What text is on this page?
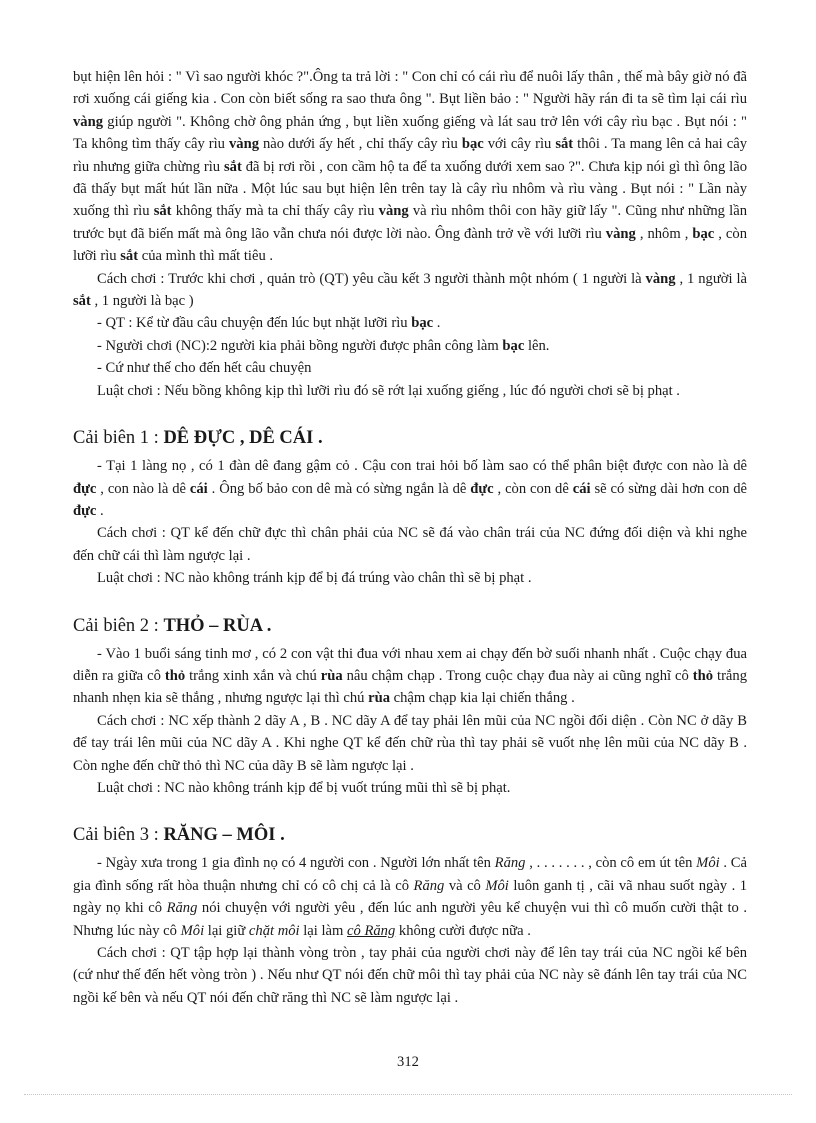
bụt hiện lên hỏi : " Vì sao người khóc ?".Ông ta trả lời : " Con chỉ có cái rìu để nuôi lấy thân , thế mà bây giờ nó đã rơi xuống cái giếng kia . Con còn biết sống ra sao thưa ông ". Bụt liền bảo : " Người hãy rán đi ta sẽ tìm lại cái rìu vàng giúp người ". Không chờ ông phản ứng , bụt liền xuống giếng và lát sau trở lên với cây rìu bạc . Bụt nói : " Ta không tìm thấy cây rìu vàng nào dưới ấy hết , chỉ thấy cây rìu bạc với cây rìu sắt thôi . Ta mang lên cả hai cây rìu nhưng giữa chừng rìu sắt đã bị rơi rồi , con cầm hộ ta để ta xuống dưới xem sao ?". Chưa kịp nói gì thì ông lão đã thấy bụt mất hút lần nữa . Một lúc sau bụt hiện lên trên tay là cây rìu nhôm và rìu vàng . Bụt nói : " Lần này xuống thì rìu sắt không thấy mà ta chỉ thấy cây rìu vàng và rìu nhôm thôi con hãy giữ lấy ". Cũng như những lần trước bụt đã biến mất mà ông lão vẫn chưa nói được lời nào. Ông đành trở về với lưỡi rìu vàng , nhôm , bạc , còn lưỡi rìu sắt của mình thì mất tiêu .

Cách chơi : Trước khi chơi , quản trò (QT) yêu cầu kết 3 người thành một nhóm ( 1 người là vàng , 1 người là sắt , 1 người là bạc )

- QT : Kể từ đầu câu chuyện đến lúc bụt nhặt lưỡi rìu bạc .

- Người chơi (NC):2 người kia phải bồng người được phân công làm bạc lên.

- Cứ như thế cho đến hết câu chuyện

Luật chơi : Nếu bồng không kịp thì lưỡi rìu đó sẽ rớt lại xuống giếng , lúc đó người chơi sẽ bị phạt .

Cải biên 1 : DÊ ĐỰC , DÊ CÁI .

- Tại 1 làng nọ , có 1 đàn dê đang gậm cỏ . Cậu con trai hỏi bố làm sao có thể phân biệt được con nào là dê đực , con nào là dê cái . Ông bố bảo con dê mà có sừng ngắn là dê đực , còn con dê cái sẽ có sừng dài hơn con dê đực .

Cách chơi : QT kể đến chữ đực thì chân phải của NC sẽ đá vào chân trái của NC đứng đối diện và khi nghe đến chữ cái thì làm ngược lại .

Luật chơi : NC nào không tránh kịp để bị đá trúng vào chân thì sẽ bị phạt .

Cải biên 2 : THỎ – RÙA .

- Vào 1 buổi sáng tinh mơ , có 2 con vật thi đua với nhau xem ai chạy đến bờ suối nhanh nhất . Cuộc chạy đua diễn ra giữa cô thỏ trắng xinh xắn và chú rùa nâu chậm chạp . Trong cuộc chạy đua này ai cũng nghĩ cô thỏ trắng nhanh nhẹn kia sẽ thắng , nhưng ngược lại thì chú rùa chậm chạp kia lại chiến thắng .

Cách chơi : NC xếp thành 2 dãy A , B . NC dãy A để tay phải lên mũi của NC ngồi đối diện . Còn NC ở dãy B để tay trái lên mũi của NC dãy A . Khi nghe QT kể đến chữ rùa thì tay phải sẽ vuốt nhẹ lên mũi của NC dãy B . Còn nghe đến chữ thỏ thì NC của dãy B sẽ làm ngược lại .

Luật chơi : NC nào không tránh kịp để bị vuốt trúng mũi thì sẽ bị phạt.

Cải biên 3 : RĂNG – MÔI .

- Ngày xưa trong 1 gia đình nọ có 4 người con . Người lớn nhất tên Răng , . . . . . . . , còn cô em út tên Môi . Cả gia đình sống rất hòa thuận nhưng chỉ có cô chị cả là cô Răng và cô Môi luôn ganh tị , cãi vã nhau suốt ngày . 1 ngày nọ khi cô Răng nói chuyện với người yêu , đến lúc anh người yêu kể chuyện vui thì cô muốn cười thật to . Nhưng lúc này cô Môi lại giữ chặt môi lại làm cô Răng không cười được nữa .

Cách chơi : QT tập hợp lại thành vòng tròn , tay phải của người chơi này để lên tay trái của NC ngồi kế bên (cứ như thế đến hết vòng tròn ) . Nếu như QT nói đến chữ môi thì tay phải của NC này sẽ đánh lên tay trái của NC ngồi kế bên và nếu QT nói đến chữ răng thì NC sẽ làm ngược lại .

312
